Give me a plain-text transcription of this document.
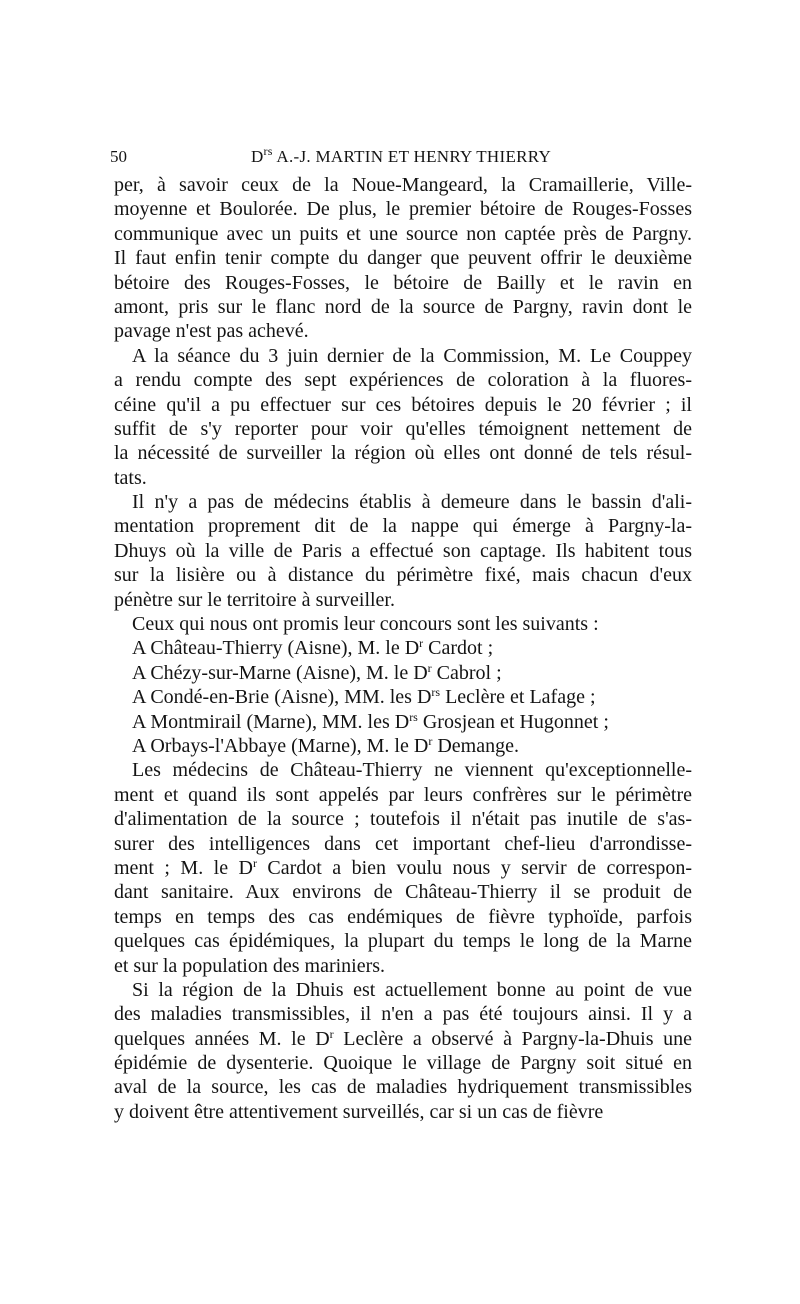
50	$D^{rs}$ A.-J. MARTIN ET HENRY THIERRY
per, à savoir ceux de la Noue-Mangeard, la Cramaillerie, Ville-
moyenne et Boulorée. De plus, le premier bétoire de Rouges-Fosses
communique avec un puits et une source non captée près de Pargny.
Il faut enfin tenir compte du danger que peuvent offrir le deuxième
bétoire des Rouges-Fosses, le bétoire de Bailly et le ravin en
amont, pris sur le flanc nord de la source de Pargny, ravin dont le
pavage n'est pas achevé.
A la séance du 3 juin dernier de la Commission, M. Le Couppey
a rendu compte des sept expériences de coloration à la fluores-
céine qu'il a pu effectuer sur ces bétoires depuis le 20 février ; il
suffit de s'y reporter pour voir qu'elles témoignent nettement de
la nécessité de surveiller la région où elles ont donné de tels résul-
tats.
Il n'y a pas de médecins établis à demeure dans le bassin d'ali-
mentation proprement dit de la nappe qui émerge à Pargny-la-
Dhuys où la ville de Paris a effectué son captage. Ils habitent tous
sur la lisière ou à distance du périmètre fixé, mais chacun d'eux
pénètre sur le territoire à surveiller.
Ceux qui nous ont promis leur concours sont les suivants :
A Château-Thierry (Aisne), M. le $D^r$ Cardot ;
A Chézy-sur-Marne (Aisne), M. le $D^r$ Cabrol ;
A Condé-en-Brie (Aisne), MM. les $D^{rs}$ Leclère et Lafage ;
A Montmirail (Marne), MM. les $D^{rs}$ Grosjean et Hugonnet ;
A Orbays-l'Abbaye (Marne), M. le $D^r$ Demange.
Les médecins de Château-Thierry ne viennent qu'exceptionnelle-
ment et quand ils sont appelés par leurs confrères sur le périmètre
d'alimentation de la source ; toutefois il n'était pas inutile de s'as-
surer des intelligences dans cet important chef-lieu d'arrondisse-
ment ; M. le $D^r$ Cardot a bien voulu nous y servir de correspon-
dant sanitaire. Aux environs de Château-Thierry il se produit de
temps en temps des cas endémiques de fièvre typhoïde, parfois
quelques cas épidémiques, la plupart du temps le long de la Marne
et sur la population des mariniers.
Si la région de la Dhuis est actuellement bonne au point de vue
des maladies transmissibles, il n'en a pas été toujours ainsi. Il y a
quelques années M. le $D^r$ Leclère a observé à Pargny-la-Dhuis une
épidémie de dysenterie. Quoique le village de Pargny soit situé en
aval de la source, les cas de maladies hydriquement transmissibles
y doivent être attentivement surveillés, car si un cas de fièvre
